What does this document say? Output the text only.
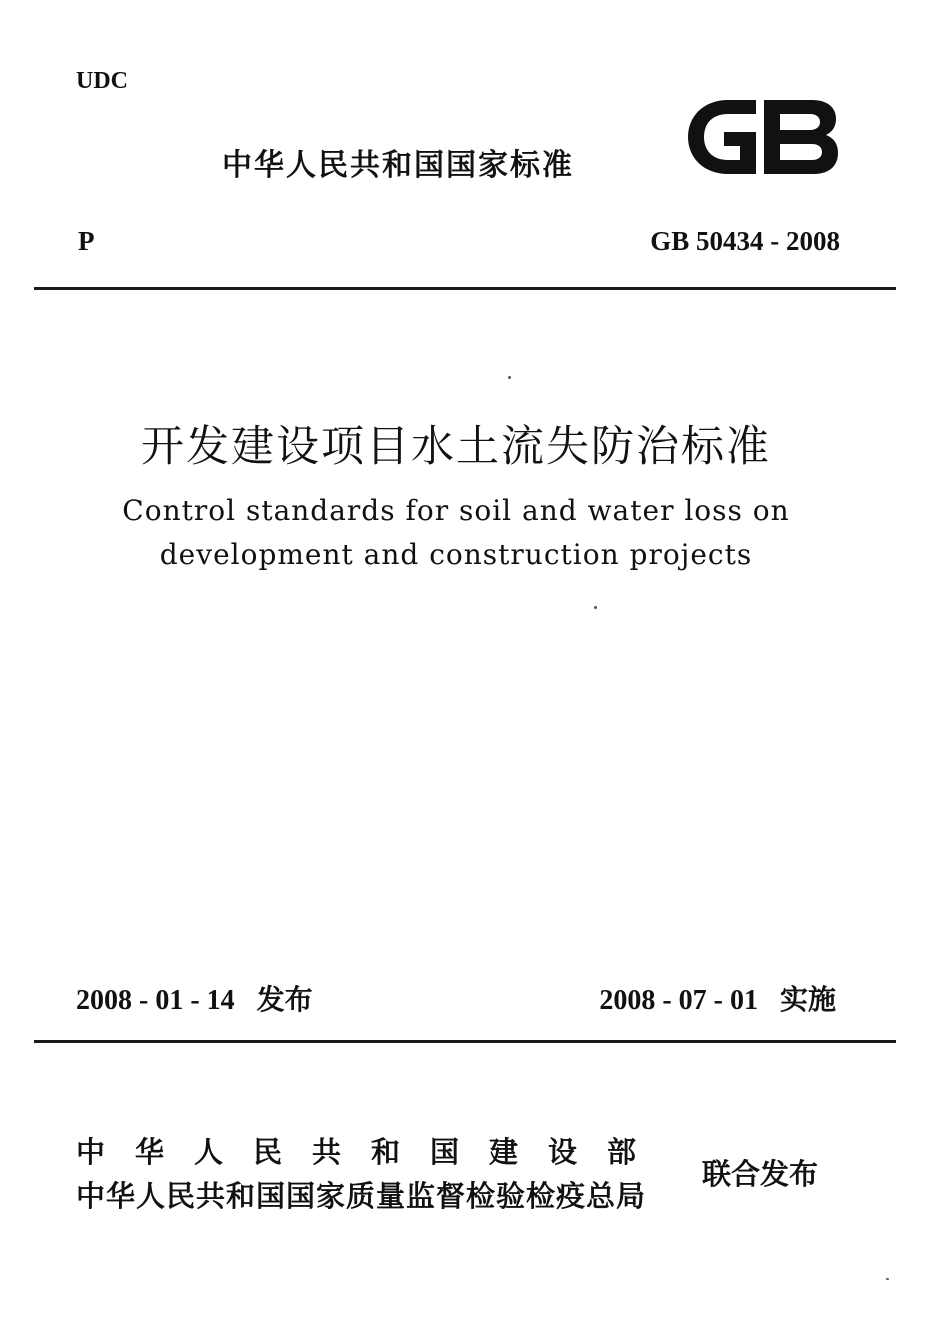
UDC
中华人民共和国国家标准
GB
P	GB 50434 - 2008
开发建设项目水土流失防治标准
Control standards for soil and water loss on
development and construction projects
2008 - 01 - 14 发布	2008 - 07 - 01 实施
中华人民共和国建设部
中华人民共和国国家质量监督检验检疫总局
联合发布
